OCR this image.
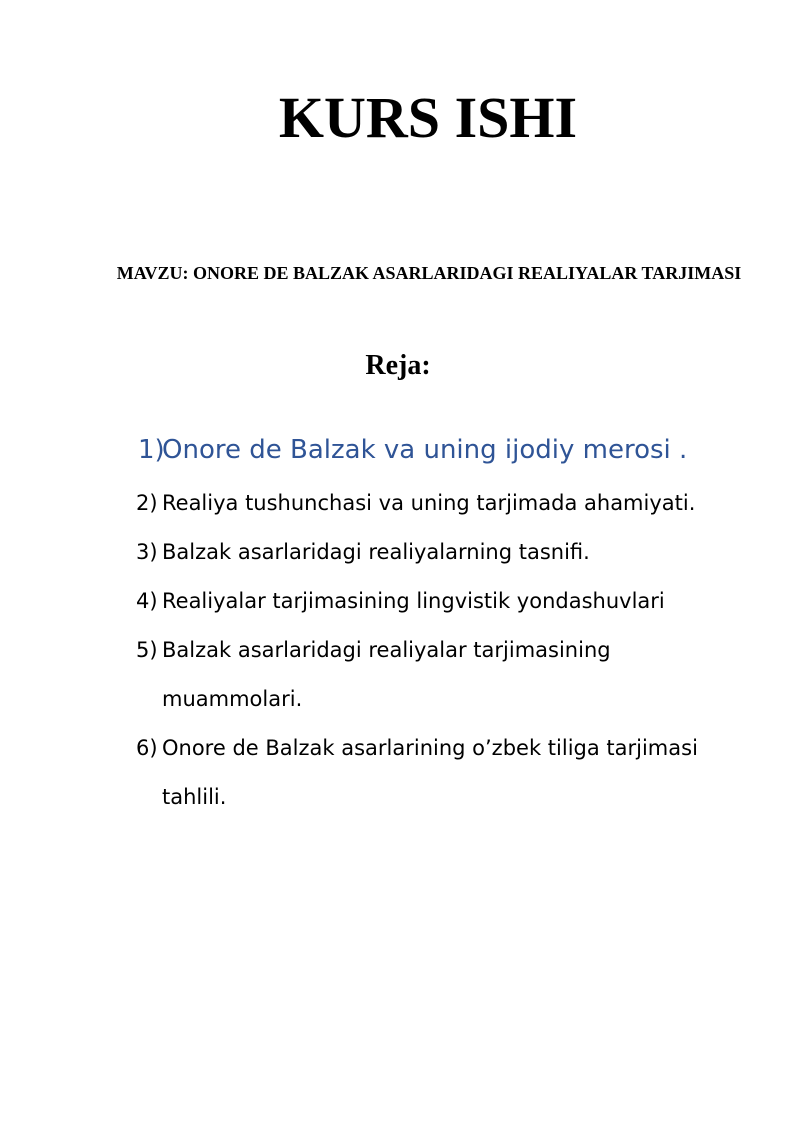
KURS ISHI
MAVZU: ONORE DE BALZAK ASARLARIDAGI REALIYALAR TARJIMASI
Reja:
1)
Onore de Balzak va uning ijodiy merosi .
2) Realiya tushunchasi va uning tarjimada ahamiyati.
3) Balzak asarlaridagi realiyalarning tasnifi.
4) Realiyalar tarjimasining lingvistik yondashuvlari
5) Balzak asarlaridagi realiyalar tarjimasining muammolari.
6) Onore de Balzak asarlarining o’zbek tiliga tarjimasi tahlili.
